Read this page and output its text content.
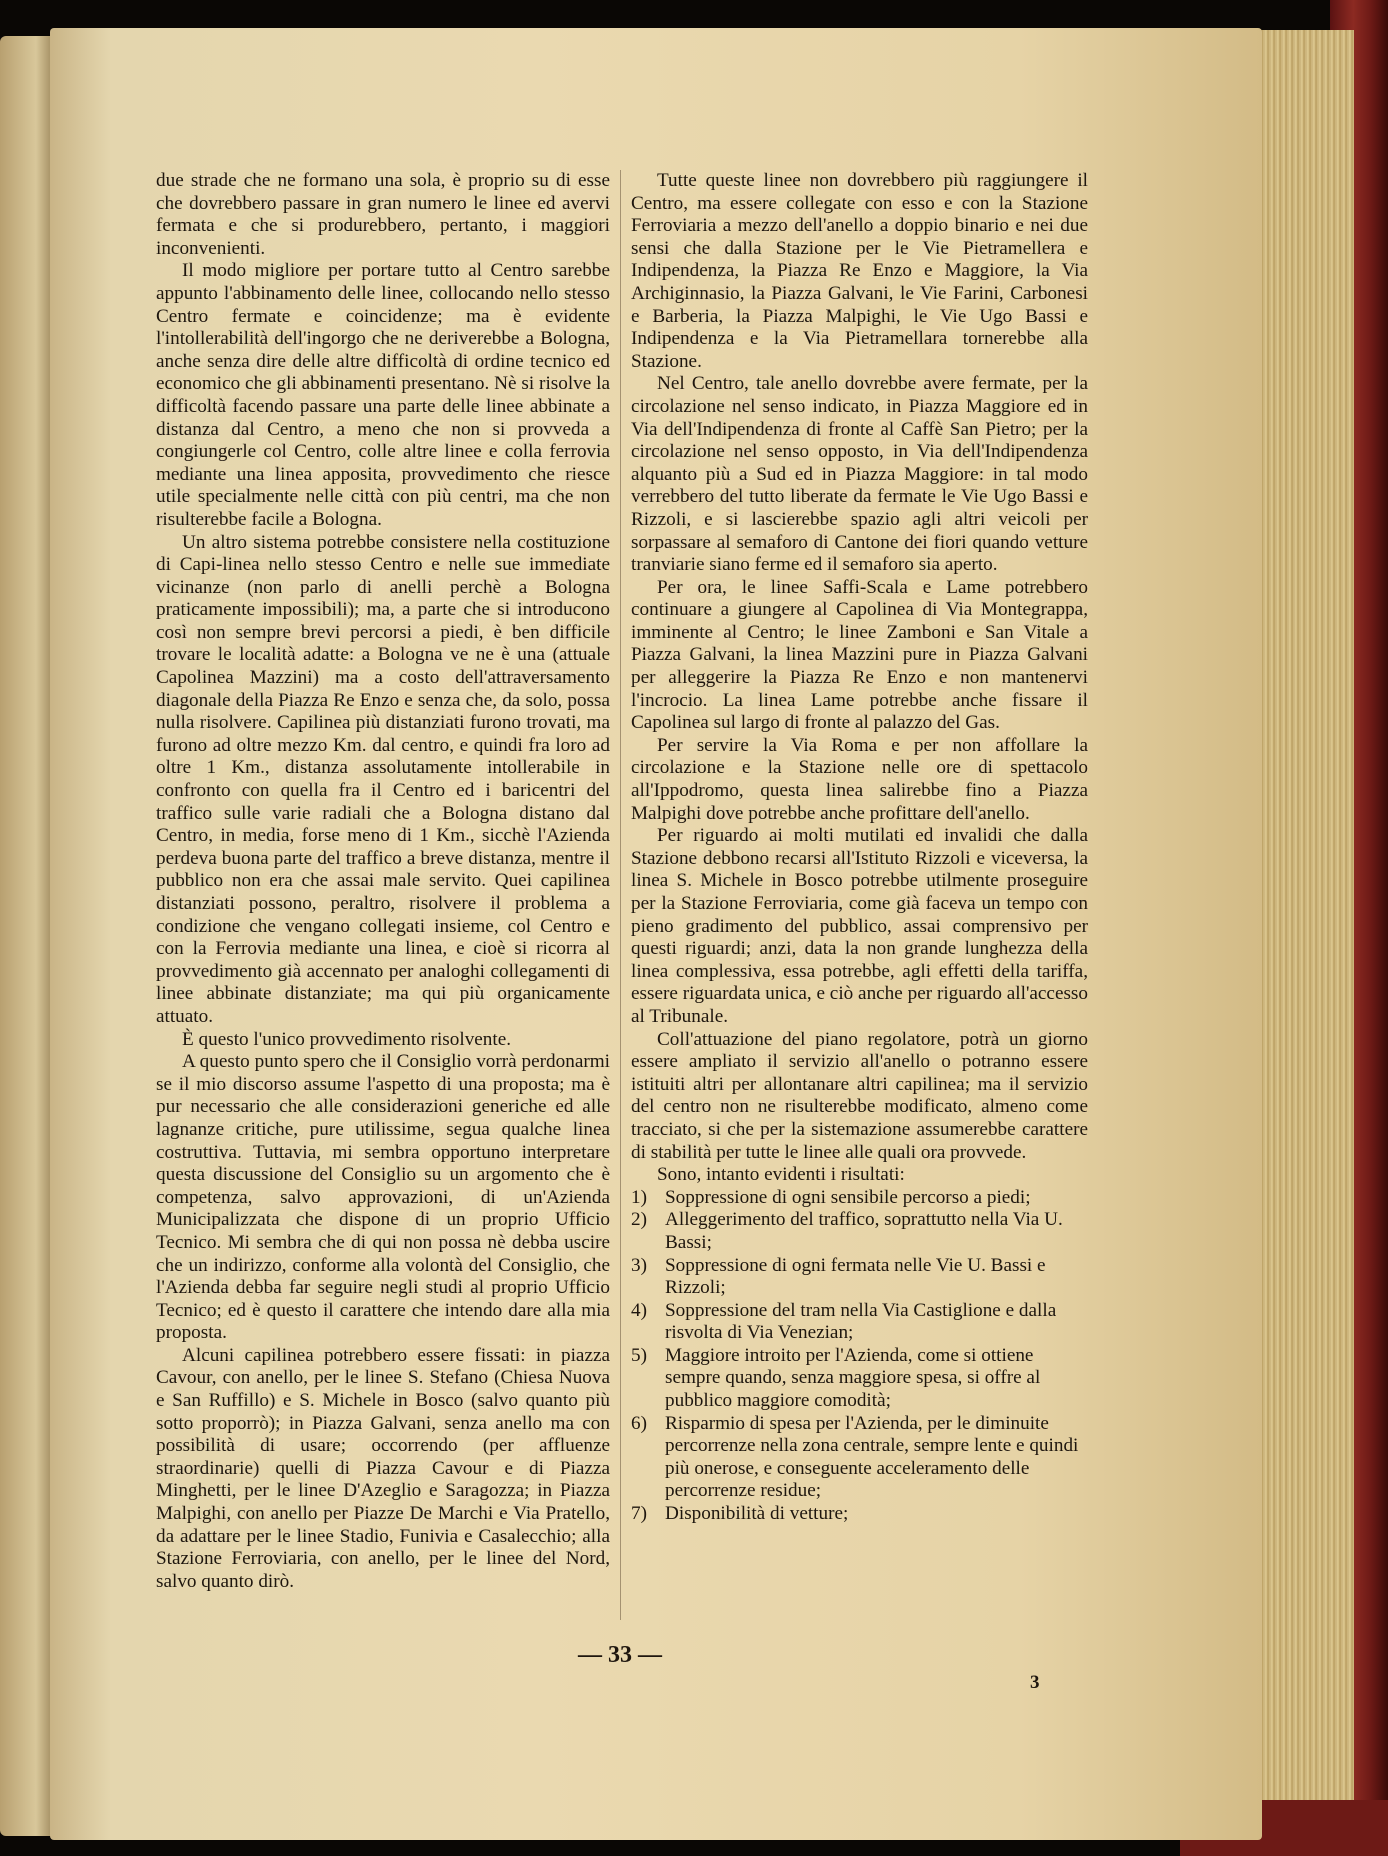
due strade che ne formano una sola, è proprio su di esse che dovrebbero passare in gran numero le linee ed avervi fermata e che si produrebbero, pertanto, i maggiori inconvenienti.

Il modo migliore per portare tutto al Centro sarebbe appunto l'abbinamento delle linee, collocando nello stesso Centro fermate e coincidenze; ma è evidente l'intollerabilità dell'ingorgo che ne deriverebbe a Bologna, anche senza dire delle altre difficoltà di ordine tecnico ed economico che gli abbinamenti presentano. Nè si risolve la difficoltà facendo passare una parte delle linee abbinate a distanza dal Centro, a meno che non si provveda a congiungerle col Centro, colle altre linee e colla ferrovia mediante una linea apposita, provvedimento che riesce utile specialmente nelle città con più centri, ma che non risulterebbe facile a Bologna.

Un altro sistema potrebbe consistere nella costituzione di Capi-linea nello stesso Centro e nelle sue immediate vicinanze (non parlo di anelli perchè a Bologna praticamente impossibili); ma, a parte che si introducono così non sempre brevi percorsi a piedi, è ben difficile trovare le località adatte: a Bologna ve ne è una (attuale Capolinea Mazzini) ma a costo dell'attraversamento diagonale della Piazza Re Enzo e senza che, da solo, possa nulla risolvere. Capilinea più distanziati furono trovati, ma furono ad oltre mezzo Km. dal centro, e quindi fra loro ad oltre 1 Km., distanza assolutamente intollerabile in confronto con quella fra il Centro ed i baricentri del traffico sulle varie radiali che a Bologna distano dal Centro, in media, forse meno di 1 Km., sicchè l'Azienda perdeva buona parte del traffico a breve distanza, mentre il pubblico non era che assai male servito. Quei capilinea distanziati possono, peraltro, risolvere il problema a condizione che vengano collegati insieme, col Centro e con la Ferrovia mediante una linea, e cioè si ricorra al provvedimento già accennato per analoghi collegamenti di linee abbinate distanziate; ma qui più organicamente attuato.

È questo l'unico provvedimento risolvente.

A questo punto spero che il Consiglio vorrà perdonarmi se il mio discorso assume l'aspetto di una proposta; ma è pur necessario che alle considerazioni generiche ed alle lagnanze critiche, pure utilissime, segua qualche linea costruttiva. Tuttavia, mi sembra opportuno interpretare questa discussione del Consiglio su un argomento che è competenza, salvo approvazioni, di un'Azienda Municipalizzata che dispone di un proprio Ufficio Tecnico. Mi sembra che di qui non possa nè debba uscire che un indirizzo, conforme alla volontà del Consiglio, che l'Azienda debba far seguire negli studi al proprio Ufficio Tecnico; ed è questo il carattere che intendo dare alla mia proposta.

Alcuni capilinea potrebbero essere fissati: in piazza Cavour, con anello, per le linee S. Stefano (Chiesa Nuova e San Ruffillo) e S. Michele in Bosco (salvo quanto più sotto proporrò); in Piazza Galvani, senza anello ma con possibilità di usare; occorrendo (per affluenze straordinarie) quelli di Piazza Cavour e di Piazza Minghetti, per le linee D'Azeglio e Saragozza; in Piazza Malpighi, con anello per Piazze De Marchi e Via Pratello, da adattare per le linee Stadio, Funivia e Casalecchio; alla Stazione Ferroviaria, con anello, per le linee del Nord, salvo quanto dirò.

Tutte queste linee non dovrebbero più raggiungere il Centro, ma essere collegate con esso e con la Stazione Ferroviaria a mezzo dell'anello a doppio binario e nei due sensi che dalla Stazione per le Vie Pietramellera e Indipendenza, la Piazza Re Enzo e Maggiore, la Via Archiginnasio, la Piazza Galvani, le Vie Farini, Carbonesi e Barberia, la Piazza Malpighi, le Vie Ugo Bassi e Indipendenza e la Via Pietramellara tornerebbe alla Stazione.

Nel Centro, tale anello dovrebbe avere fermate, per la circolazione nel senso indicato, in Piazza Maggiore ed in Via dell'Indipendenza di fronte al Caffè San Pietro; per la circolazione nel senso opposto, in Via dell'Indipendenza alquanto più a Sud ed in Piazza Maggiore: in tal modo verrebbero del tutto liberate da fermate le Vie Ugo Bassi e Rizzoli, e si lascierebbe spazio agli altri veicoli per sorpassare al semaforo di Cantone dei fiori quando vetture tranviarie siano ferme ed il semaforo sia aperto.

Per ora, le linee Saffi-Scala e Lame potrebbero continuare a giungere al Capolinea di Via Montegrappa, imminente al Centro; le linee Zamboni e San Vitale a Piazza Galvani, la linea Mazzini pure in Piazza Galvani per alleggerire la Piazza Re Enzo e non mantenervi l'incrocio. La linea Lame potrebbe anche fissare il Capolinea sul largo di fronte al palazzo del Gas.

Per servire la Via Roma e per non affollare la circolazione e la Stazione nelle ore di spettacolo all'Ippodromo, questa linea salirebbe fino a Piazza Malpighi dove potrebbe anche profittare dell'anello.

Per riguardo ai molti mutilati ed invalidi che dalla Stazione debbono recarsi all'Istituto Rizzoli e viceversa, la linea S. Michele in Bosco potrebbe utilmente proseguire per la Stazione Ferroviaria, come già faceva un tempo con pieno gradimento del pubblico, assai comprensivo per questi riguardi; anzi, data la non grande lunghezza della linea complessiva, essa potrebbe, agli effetti della tariffa, essere riguardata unica, e ciò anche per riguardo all'accesso al Tribunale.

Coll'attuazione del piano regolatore, potrà un giorno essere ampliato il servizio all'anello o potranno essere istituiti altri per allontanare altri capilinea; ma il servizio del centro non ne risulterebbe modificato, almeno come tracciato, si che per la sistemazione assumerebbe carattere di stabilità per tutte le linee alle quali ora provvede.

Sono, intanto evidenti i risultati:

1) Soppressione di ogni sensibile percorso a piedi;
2) Alleggerimento del traffico, soprattutto nella Via U. Bassi;
3) Soppressione di ogni fermata nelle Vie U. Bassi e Rizzoli;
4) Soppressione del tram nella Via Castiglione e dalla risvolta di Via Venezian;
5) Maggiore introito per l'Azienda, come si ottiene sempre quando, senza maggiore spesa, si offre al pubblico maggiore comodità;
6) Risparmio di spesa per l'Azienda, per le diminuite percorrenze nella zona centrale, sempre lente e quindi più onerose, e conseguente acceleramento delle percorrenze residue;
7) Disponibilità di vetture;
— 33 —
3
